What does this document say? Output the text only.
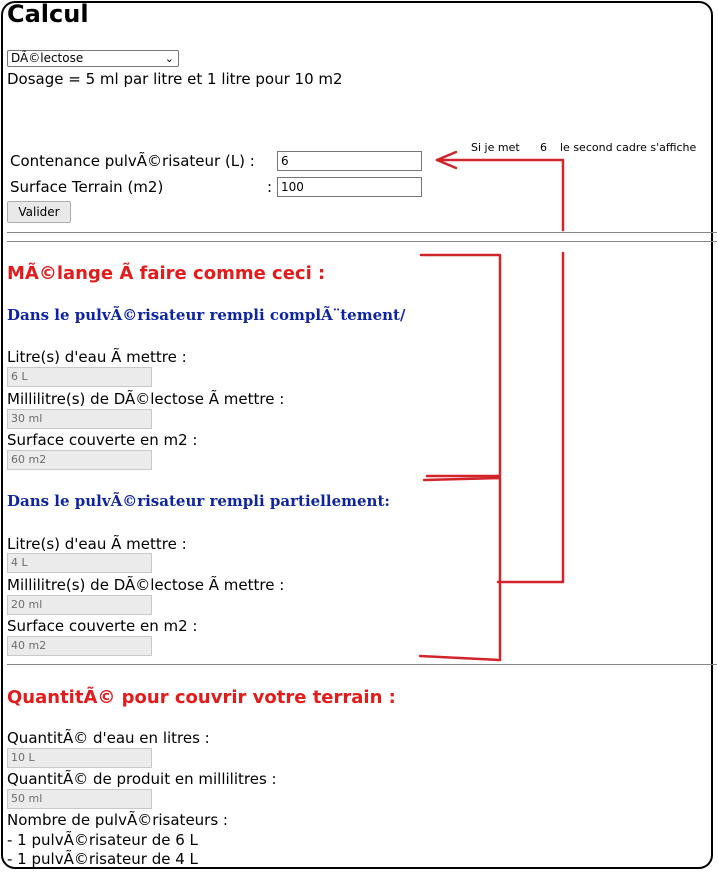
Calcul
DÃ©lectose	⌄
Dosage = 5 ml par litre et 1 litre pour 10 m2
Contenance pulvÃ©risateur (L) :
6
Surface Terrain (m2)	:
100
Valider
Si je met 6 le second cadre s'affiche
MÃ©lange Ã faire comme ceci :
Dans le pulvÃ©risateur rempli complÃ¨tement/
Litre(s) d'eau Ã mettre :
6 L
Millilitre(s) de DÃ©lectose Ã mettre :
30 ml
Surface couverte en m2 :
60 m2
Dans le pulvÃ©risateur rempli partiellement:
Litre(s) d'eau Ã mettre :
4 L
Millilitre(s) de DÃ©lectose Ã mettre :
20 ml
Surface couverte en m2 :
40 m2
QuantitÃ© pour couvrir votre terrain :
QuantitÃ© d'eau en litres :
10 L
QuantitÃ© de produit en millilitres :
50 ml
Nombre de pulvÃ©risateurs :
- 1 pulvÃ©risateur de 6 L
- 1 pulvÃ©risateur de 4 L
